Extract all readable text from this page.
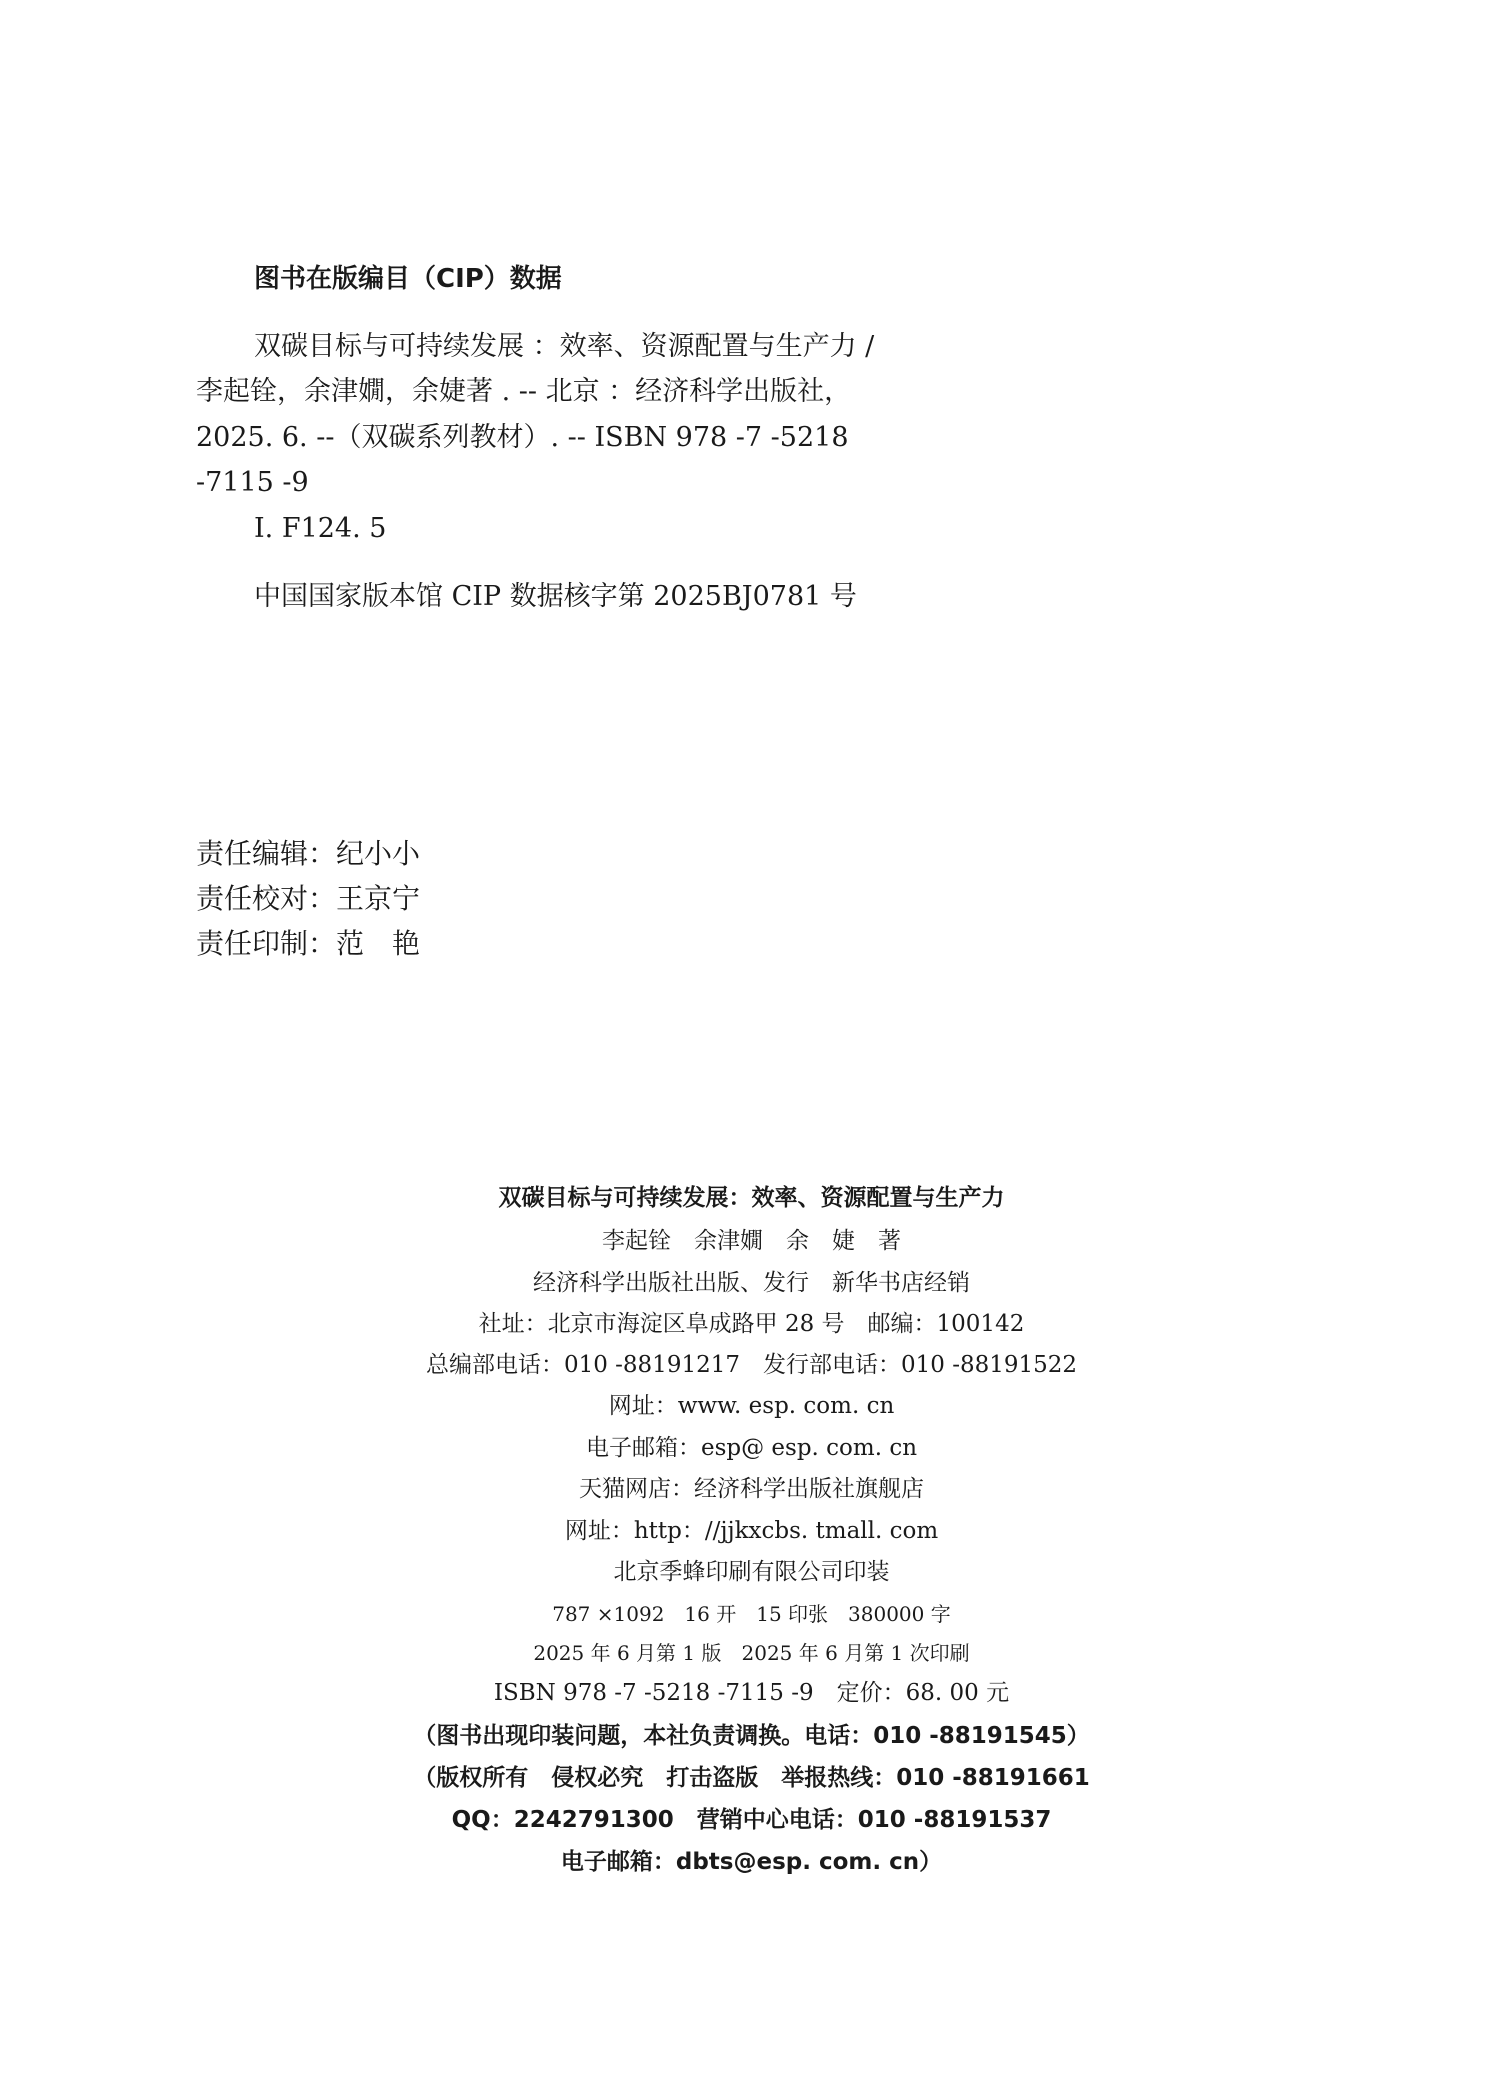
图书在版编目（CIP）数据
双碳目标与可持续发展 ：效率、资源配置与生产力 /
李起铨，余津嫺，余婕著 . -- 北京 ：经济科学出版社，
2025. 6. --（双碳系列教材）. -- ISBN 978 -7 -5218
-7115 -9
Ⅰ. F124. 5
中国国家版本馆 CIP 数据核字第 2025BJ0781 号
责任编辑：纪小小
责任校对：王京宁
责任印制：范　艳
双碳目标与可持续发展：效率、资源配置与生产力
李起铨　余津嫺　余　婕　著
经济科学出版社出版、发行　新华书店经销
社址：北京市海淀区阜成路甲 28 号　邮编：100142
总编部电话：010 -88191217　发行部电话：010 -88191522
网址：www. esp. com. cn
电子邮箱：esp@ esp. com. cn
天猫网店：经济科学出版社旗舰店
网址：http：//jjkxcbs. tmall. com
北京季蜂印刷有限公司印装
787 ×1092　16 开　15 印张　380000 字
2025 年 6 月第 1 版　2025 年 6 月第 1 次印刷
ISBN 978 -7 -5218 -7115 -9　定价：68. 00 元
（图书出现印装问题，本社负责调换。电话：010 -88191545）
（版权所有　侵权必究　打击盗版　举报热线：010 -88191661
QQ：2242791300　营销中心电话：010 -88191537
电子邮箱：dbts@esp. com. cn）
